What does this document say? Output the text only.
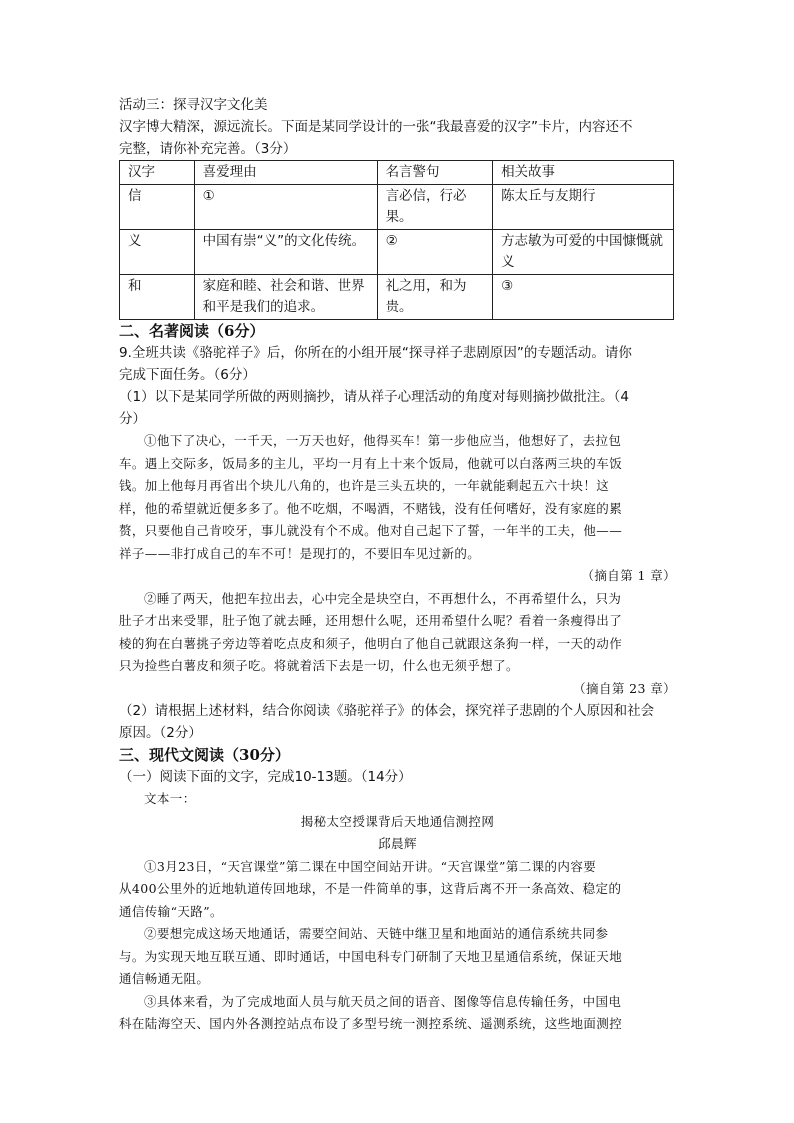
活动三：探寻汉字文化美

汉字博大精深，源远流长。下面是某同学设计的一张“我最喜爱的汉字”卡片，内容还不

完整，请你补充完善。（3分）

汉字	喜爱理由	名言警句	相关故事
信	①	言必信，行必果。	陈太丘与友期行
义	中国有崇“义”的文化传统。	②	方志敏为可爱的中国慷慨就义
和	家庭和睦、社会和谐、世界和平是我们的追求。	礼之用，和为贵。	③

二、名著阅读（6分）

9.全班共读《骆驼祥子》后，你所在的小组开展“探寻祥子悲剧原因”的专题活动。请你

完成下面任务。（6分）

（1）以下是某同学所做的两则摘抄，请从祥子心理活动的角度对每则摘抄做批注。（4

分）

①他下了决心，一千天，一万天也好，他得买车！第一步他应当，他想好了，去拉包

车。遇上交际多，饭局多的主儿，平均一月有上十来个饭局，他就可以白落两三块的车饭

钱。加上他每月再省出个块儿八角的，也许是三头五块的，一年就能剩起五六十块！这

样，他的希望就近便多多了。他不吃烟，不喝酒，不赌钱，没有任何嗜好，没有家庭的累

赘，只要他自己肯咬牙，事儿就没有个不成。他对自己起下了誓，一年半的工夫，他——

祥子——非打成自己的车不可！是现打的，不要旧车见过新的。

（摘自第 1 章）

②睡了两天，他把车拉出去，心中完全是块空白，不再想什么，不再希望什么，只为

肚子才出来受罪，肚子饱了就去睡，还用想什么呢，还用希望什么呢？看着一条瘦得出了

棱的狗在白薯挑子旁边等着吃点皮和须子，他明白了他自己就跟这条狗一样，一天的动作

只为捡些白薯皮和须子吃。将就着活下去是一切，什么也无须乎想了。

（摘自第 23 章）

（2）请根据上述材料，结合你阅读《骆驼祥子》的体会，探究祥子悲剧的个人原因和社会

原因。（2分）

三、现代文阅读（30分）

（一）阅读下面的文字，完成10-13题。（14分）

文本一：

揭秘太空授课背后天地通信测控网

邱晨辉

①3月23日，“天宫课堂”第二课在中国空间站开讲。“天宫课堂”第二课的内容要

从400公里外的近地轨道传回地球，不是一件简单的事，这背后离不开一条高效、稳定的

通信传输“天路”。

②要想完成这场天地通话，需要空间站、天链中继卫星和地面站的通信系统共同参

与。为实现天地互联互通、即时通话，中国电科专门研制了天地卫星通信系统，保证天地

通信畅通无阻。

③具体来看，为了完成地面人员与航天员之间的语音、图像等信息传输任务，中国电

科在陆海空天、国内外各测控站点布设了多型号统一测控系统、遥测系统，这些地面测控
